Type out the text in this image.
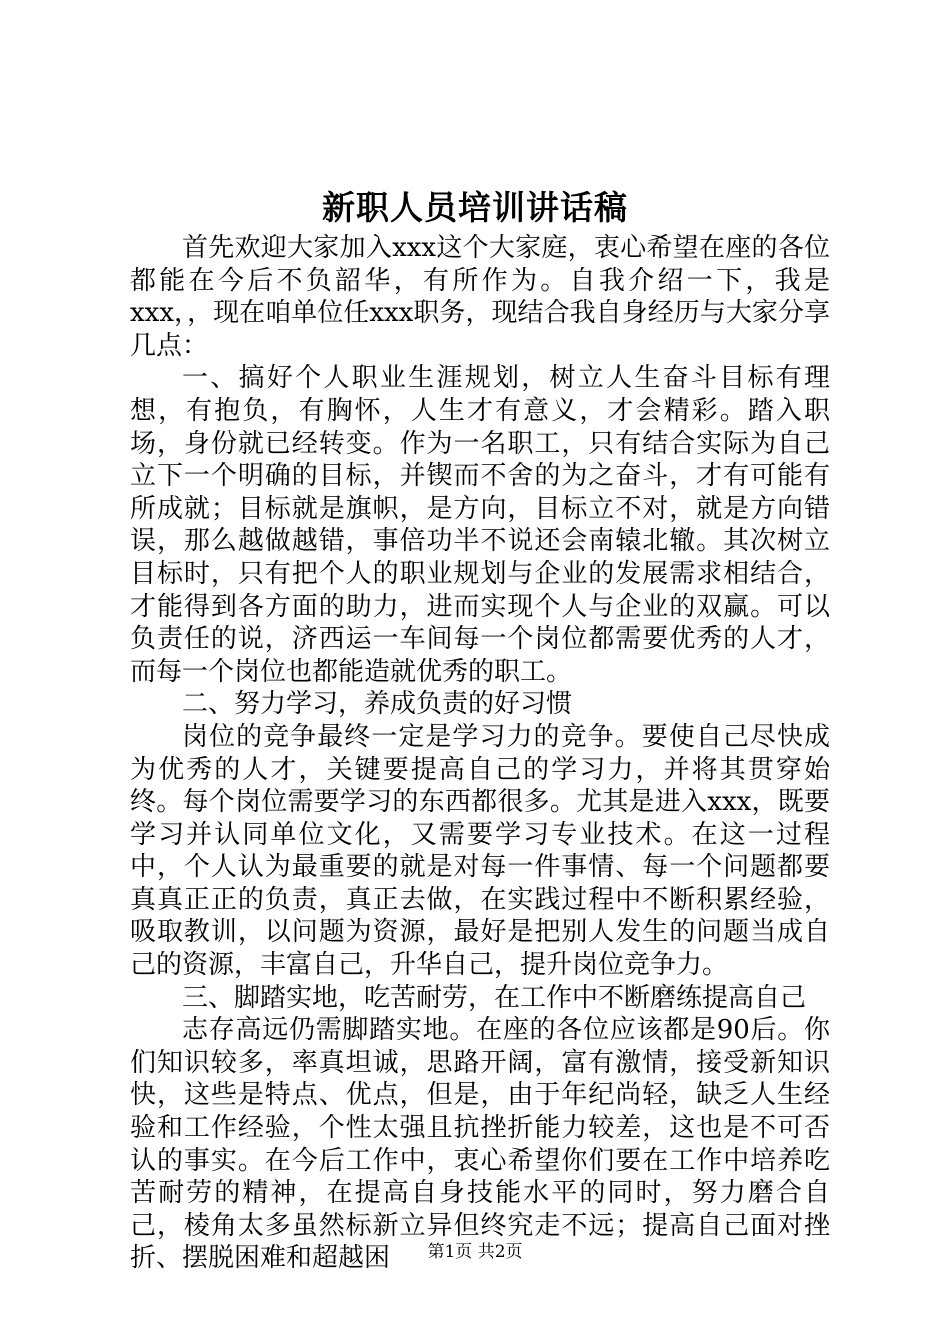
新职人员培训讲话稿

首先欢迎大家加入xxx这个大家庭，衷心希望在座的各位都能在今后不负韶华，有所作为。自我介绍一下，我是xxx，，现在咱单位任xxx职务，现结合我自身经历与大家分享几点：

一、搞好个人职业生涯规划，树立人生奋斗目标有理想，有抱负，有胸怀，人生才有意义，才会精彩。踏入职场，身份就已经转变。作为一名职工，只有结合实际为自己立下一个明确的目标，并锲而不舍的为之奋斗，才有可能有所成就；目标就是旗帜，是方向，目标立不对，就是方向错误，那么越做越错，事倍功半不说还会南辕北辙。其次树立目标时，只有把个人的职业规划与企业的发展需求相结合，才能得到各方面的助力，进而实现个人与企业的双赢。可以负责任的说，济西运一车间每一个岗位都需要优秀的人才，而每一个岗位也都能造就优秀的职工。

二、努力学习，养成负责的好习惯

岗位的竞争最终一定是学习力的竞争。要使自己尽快成为优秀的人才，关键要提高自己的学习力，并将其贯穿始终。每个岗位需要学习的东西都很多。尤其是进入xxx，既要学习并认同单位文化，又需要学习专业技术。在这一过程中，个人认为最重要的就是对每一件事情、每一个问题都要真真正正的负责，真正去做，在实践过程中不断积累经验，吸取教训，以问题为资源，最好是把别人发生的问题当成自己的资源，丰富自己，升华自己，提升岗位竞争力。

三、脚踏实地，吃苦耐劳，在工作中不断磨练提高自己

志存高远仍需脚踏实地。在座的各位应该都是90后。你们知识较多，率真坦诚，思路开阔，富有激情，接受新知识快，这些是特点、优点，但是，由于年纪尚轻，缺乏人生经验和工作经验，个性太强且抗挫折能力较差，这也是不可否认的事实。在今后工作中，衷心希望你们要在工作中培养吃苦耐劳的精神，在提高自身技能水平的同时，努力磨合自己，棱角太多虽然标新立异但终究走不远；提高自己面对挫折、摆脱困难和超越困	第1页 共2页
